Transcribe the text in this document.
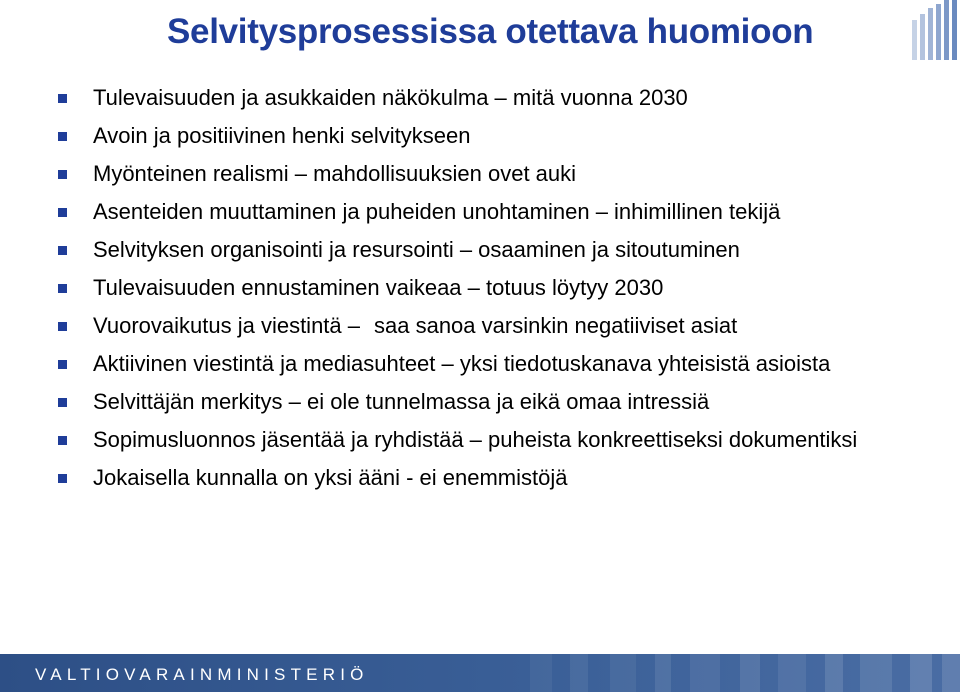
Selvitysprosessissa otettava huomioon
Tulevaisuuden ja asukkaiden näkökulma – mitä vuonna 2030
Avoin ja positiivinen henki selvitykseen
Myönteinen realismi – mahdollisuuksien ovet auki
Asenteiden muuttaminen ja puheiden unohtaminen – inhimillinen tekijä
Selvityksen organisointi ja resursointi – osaaminen ja sitoutuminen
Tulevaisuuden ennustaminen vaikeaa – totuus löytyy 2030
Vuorovaikutus ja viestintä – saa sanoa varsinkin negatiiviset asiat
Aktiivinen viestintä ja mediasuhteet – yksi tiedotuskanava yhteisistä asioista
Selvittäjän merkitys – ei ole tunnelmassa ja eikä omaa intressiä
Sopimusluonnos jäsentää ja ryhdistää – puheista konkreettiseksi dokumentiksi
Jokaisella kunnalla on yksi ääni - ei enemmistöjä
VALTIOVARAINMINISTERIÖ
